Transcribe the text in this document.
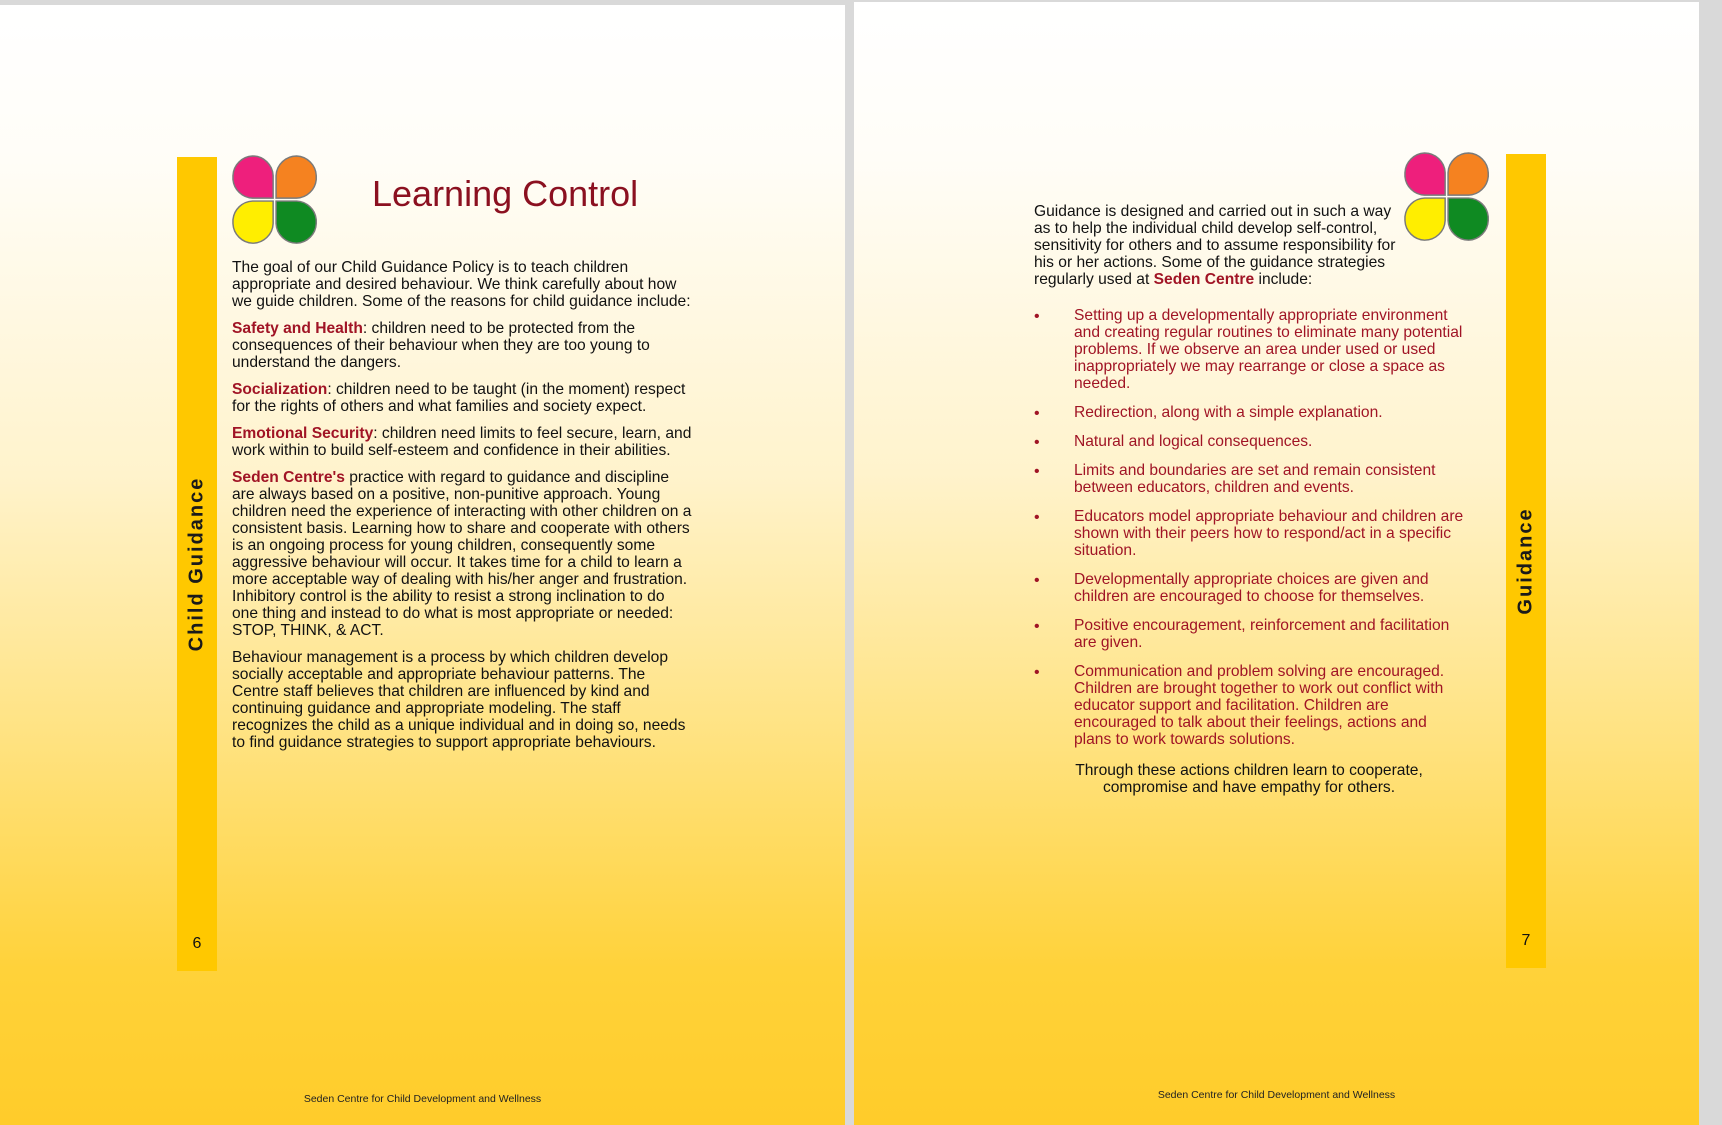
Child Guidance
6
Learning Control

The goal of our Child Guidance Policy is to teach children appropriate and desired behaviour. We think carefully about how we guide children. Some of the reasons for child guidance include:

Safety and Health: children need to be protected from the consequences of their behaviour when they are too young to understand the dangers.

Socialization: children need to be taught (in the moment) respect for the rights of others and what families and society expect.

Emotional Security: children need limits to feel secure, learn, and work within to build self-esteem and confidence in their abilities.

Seden Centre's practice with regard to guidance and discipline are always based on a positive, non-punitive approach. Young children need the experience of interacting with other children on a consistent basis. Learning how to share and cooperate with others is an ongoing process for young children, consequently some aggressive behaviour will occur. It takes time for a child to learn a more acceptable way of dealing with his/her anger and frustration. Inhibitory control is the ability to resist a strong inclination to do one thing and instead to do what is most appropriate or needed: STOP, THINK, & ACT.

Behaviour management is a process by which children develop socially acceptable and appropriate behaviour patterns. The Centre staff believes that children are influenced by kind and continuing guidance and appropriate modeling. The staff recognizes the child as a unique individual and in doing so, needs to find guidance strategies to support appropriate behaviours.

Seden Centre for Child Development and Wellness
Guidance
7

Guidance is designed and carried out in such a way as to help the individual child develop self-control, sensitivity for others and to assume responsibility for his or her actions. Some of the guidance strategies regularly used at Seden Centre include:

• Setting up a developmentally appropriate environment and creating regular routines to eliminate many potential problems. If we observe an area under used or used inappropriately we may rearrange or close a space as needed.
• Redirection, along with a simple explanation.
• Natural and logical consequences.
• Limits and boundaries are set and remain consistent between educators, children and events.
• Educators model appropriate behaviour and children are shown with their peers how to respond/act in a specific situation.
• Developmentally appropriate choices are given and children are encouraged to choose for themselves.
• Positive encouragement, reinforcement and facilitation are given.
• Communication and problem solving are encouraged. Children are brought together to work out conflict with educator support and facilitation. Children are encouraged to talk about their feelings, actions and plans to work towards solutions.
Through these actions children learn to cooperate, compromise and have empathy for others.
Seden Centre for Child Development and Wellness
